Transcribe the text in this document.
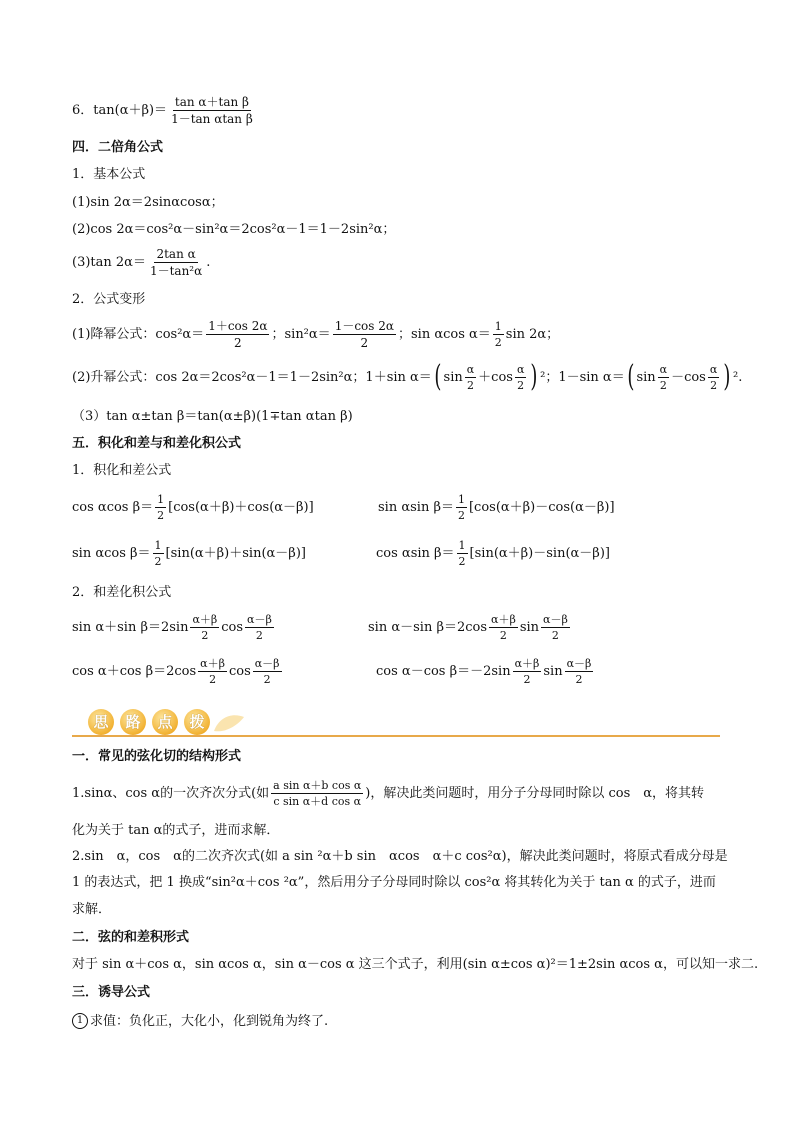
6．$\tan(\alpha+\beta)= \frac{\text{tan α＋tan β}}{\text{1－tan αtan β}}$
四．二倍角公式
1．基本公式
(1)sin 2α＝2sinαcosα；
(2)cos 2α＝cos²α－sin²α＝2cos²α－1＝1－2sin²α；
(3)tan $2\alpha= \frac{\text{2tan α}}{\text{1－tan²α}}$ .
2．公式变形
(1)降幂公式：$\cos^2\alpha= \frac{1+\cos 2\alpha}{2}$ ；$\sin^2\alpha= \frac{1-\cos 2\alpha}{2}$ ；sin αcos $\alpha= \frac{1}{2}$ sin 2α；
(2)升幂公式：cos 2α＝2cos²α－1＝1－2sin²α；1＋sin α＝ ( $\sin \frac{\alpha}{2} +\cos \frac{\alpha}{2}$ ) ²；1－sin α＝ ( $\sin \frac{\alpha}{2} -\cos \frac{\alpha}{2}$ ) ².
（3）tan α±tan β＝tan(α±β)(1∓tan αtan β)
五．积化和差与和差化积公式
1．积化和差公式
cos αcos $\beta= \frac{1}{2} [\cos(\alpha+\beta)+\cos(\alpha-\beta)]$	sin αsin $\beta= \frac{1}{2} [\cos(\alpha+\beta)-\cos(\alpha-\beta)]$
sin αcos $\beta= \frac{1}{2} [\sin(\alpha+\beta)+\sin(\alpha-\beta)]$	cos αsin $\beta= \frac{1}{2} [\sin(\alpha+\beta)-\sin(\alpha-\beta)]$
2．和差化积公式
sin α＋sin $\beta=2\sin \frac{\alpha+\beta}{2}$ $\cos \frac{\alpha-\beta}{2}$	sin α－sin $\beta=2\cos \frac{\alpha+\beta}{2}$ $\sin \frac{\alpha-\beta}{2}$
cos α＋cos $\beta=2\cos \frac{\alpha+\beta}{2}$ $\cos \frac{\alpha-\beta}{2}$	cos α－cos $\beta=-2\sin \frac{\alpha+\beta}{2}$ $\sin \frac{\alpha-\beta}{2}$
思	路	点	拨
一．常见的弦化切的结构形式
1.sinα、cos α的一次齐次分式 (如 $\frac{\text{a sin α＋b cos α}}{\text{c sin α＋d cos α}}$ ) ，解决此类问题时，用分子分母同时除以 cos　α，将其转
化为关于 tan α的式子，进而求解．
2.sin　α，cos　α的二次齐次式(如 a sin ²α＋b sin　αcos　α＋c cos²α)，解决此类问题时，将原式看成分母是
1 的表达式，把 1 换成“sin²α＋cos ²α”，然后用分子分母同时除以 cos²α 将其转化为关于 tan α 的式子，进而
求解．
二．弦的和差积形式
对于 sin α＋cos α，sin αcos α，sin α－cos α 这三个式子，利用(sin α±cos α)²＝1±2sin αcos α，可以知一求二.
三．诱导公式
1 求值：负化正，大化小，化到锐角为终了.
